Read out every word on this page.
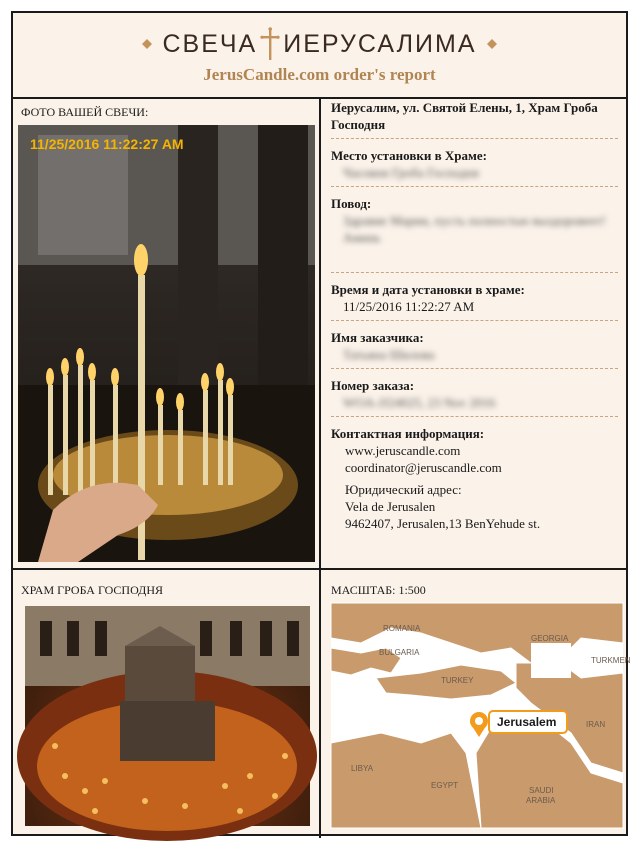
СВЕЧА ИЕРУСАЛИМА
JerusCandle.com order's report
ФОТО ВАШЕЙ СВЕЧИ:
11/25/2016 11:22:27 AM
Иерусалим, ул. Святой Елены, 1, Храм Гроба Господня
Место установки в Храме:
Часовня Гроба Господня
Повод:
Здравие Марии, пусть полностью выздоровеет! Аминь
Время и дата установки в храме:
11/25/2016 11:22:27 AM
Имя заказчика:
Татьяна Шилова
Номер заказа:
WOA-JJ24025, 23 Nov 2016
Контактная информация:
www.jeruscandle.com
coordinator@jeruscandle.com
Юридический адрес:
Vela de Jerusalen
9462407, Jerusalen,13 BenYehude st.
ХРАМ ГРОБА ГОСПОДНЯ	МАСШТАБ: 1:500
ROMANIA
BULGARIA
GEORGIA
TURKMEN
TURKEY
IRAN
LIBYA
EGYPT
SAUDI
ARABIA
Jerusalem
